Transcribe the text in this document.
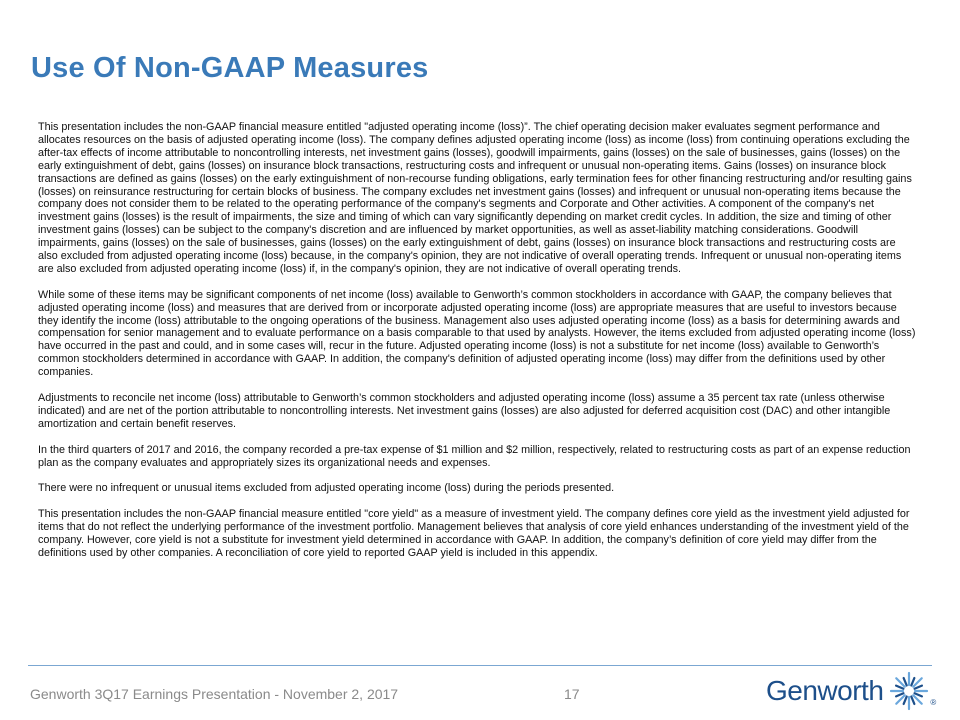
Use Of Non-GAAP Measures

This presentation includes the non-GAAP financial measure entitled "adjusted operating income (loss)”. The chief operating decision maker evaluates segment performance and allocates resources on the basis of adjusted operating income (loss). The company defines adjusted operating income (loss) as income (loss) from continuing operations excluding the after-tax effects of income attributable to noncontrolling interests, net investment gains (losses), goodwill impairments, gains (losses) on the sale of businesses, gains (losses) on the early extinguishment of debt, gains (losses) on insurance block transactions, restructuring costs and infrequent or unusual non-operating items. Gains (losses) on insurance block transactions are defined as gains (losses) on the early extinguishment of non-recourse funding obligations, early termination fees for other financing restructuring and/or resulting gains (losses) on reinsurance restructuring for certain blocks of business. The company excludes net investment gains (losses) and infrequent or unusual non-operating items because the company does not consider them to be related to the operating performance of the company's segments and Corporate and Other activities. A component of the company's net investment gains (losses) is the result of impairments, the size and timing of which can vary significantly depending on market credit cycles. In addition, the size and timing of other investment gains (losses) can be subject to the company's discretion and are influenced by market opportunities, as well as asset-liability matching considerations. Goodwill impairments, gains (losses) on the sale of businesses, gains (losses) on the early extinguishment of debt, gains (losses) on insurance block transactions and restructuring costs are also excluded from adjusted operating income (loss) because, in the company's opinion, they are not indicative of overall operating trends. Infrequent or unusual non-operating items are also excluded from adjusted operating income (loss) if, in the company's opinion, they are not indicative of overall operating trends.

While some of these items may be significant components of net income (loss) available to Genworth’s common stockholders in accordance with GAAP, the company believes that adjusted operating income (loss) and measures that are derived from or incorporate adjusted operating income (loss) are appropriate measures that are useful to investors because they identify the income (loss) attributable to the ongoing operations of the business. Management also uses adjusted operating income (loss) as a basis for determining awards and compensation for senior management and to evaluate performance on a basis comparable to that used by analysts. However, the items excluded from adjusted operating income (loss) have occurred in the past and could, and in some cases will, recur in the future. Adjusted operating income (loss) is not a substitute for net income (loss) available to Genworth’s common stockholders determined in accordance with GAAP. In addition, the company's definition of adjusted operating income (loss) may differ from the definitions used by other companies.

Adjustments to reconcile net income (loss) attributable to Genworth’s common stockholders and adjusted operating income (loss) assume a 35 percent tax rate (unless otherwise indicated) and are net of the portion attributable to noncontrolling interests. Net investment gains (losses) are also adjusted for deferred acquisition cost (DAC) and other intangible amortization and certain benefit reserves.

In the third quarters of 2017 and 2016, the company recorded a pre-tax expense of $1 million and $2 million, respectively, related to restructuring costs as part of an expense reduction plan as the company evaluates and appropriately sizes its organizational needs and expenses.

There were no infrequent or unusual items excluded from adjusted operating income (loss) during the periods presented.

This presentation includes the non-GAAP financial measure entitled "core yield" as a measure of investment yield. The company defines core yield as the investment yield adjusted for items that do not reflect the underlying performance of the investment portfolio. Management believes that analysis of core yield enhances understanding of the investment yield of the company. However, core yield is not a substitute for investment yield determined in accordance with GAAP. In addition, the company’s definition of core yield may differ from the definitions used by other companies. A reconciliation of core yield to reported GAAP yield is included in this appendix.

Genworth 3Q17 Earnings Presentation - November 2, 2017	17	Genworth	®
